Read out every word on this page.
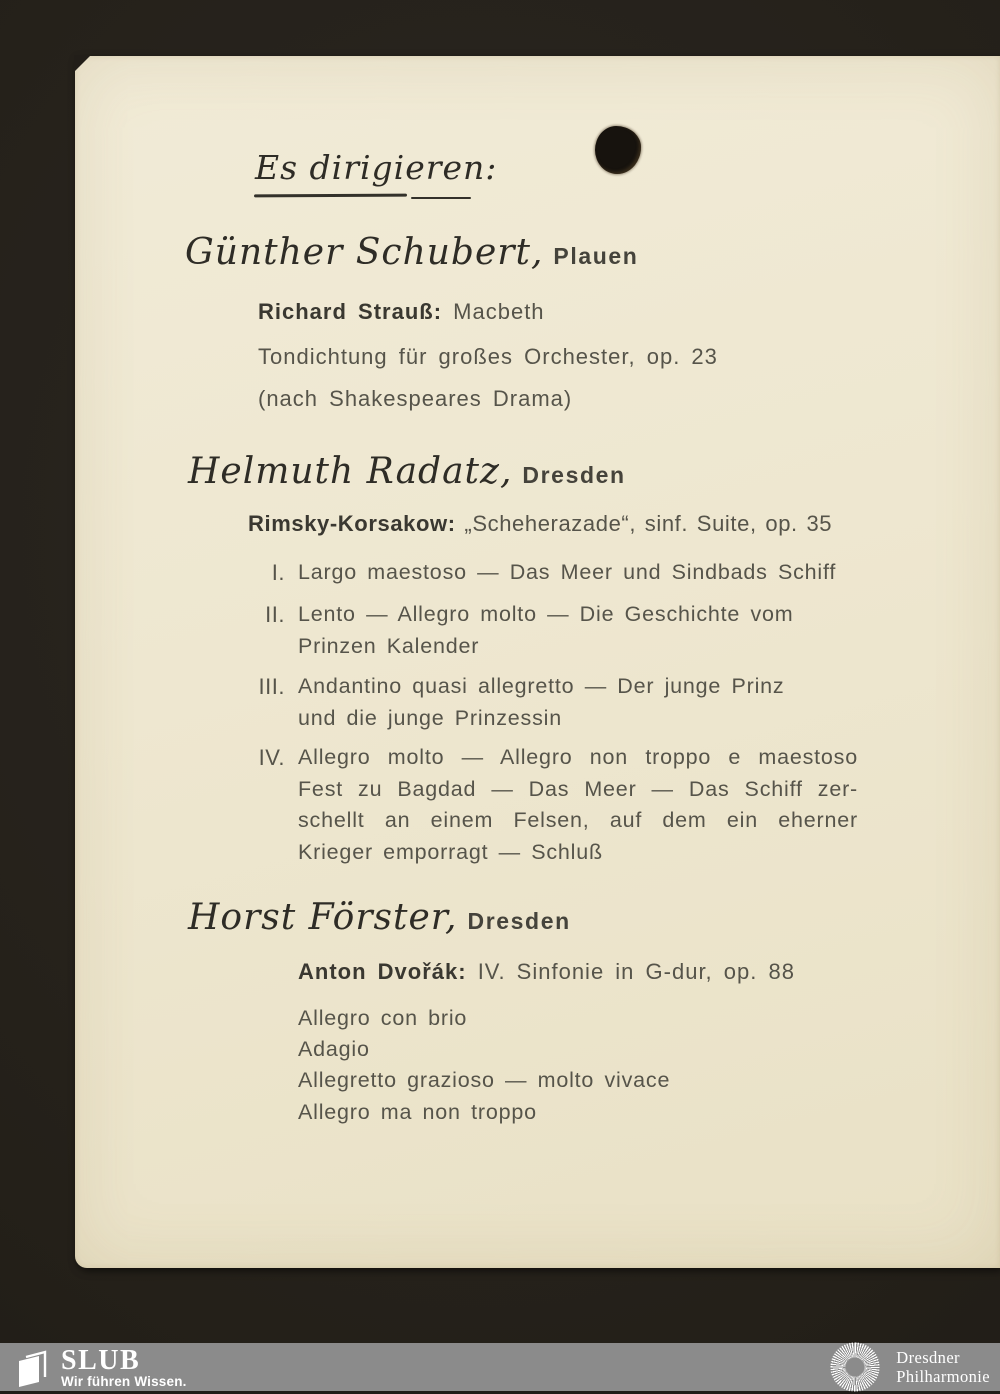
Es dirigieren:
Günther Schubert, Plauen
Richard Strauß: Macbeth
Tondichtung für großes Orchester, op. 23
(nach Shakespeares Drama)
Helmuth Radatz, Dresden
Rimsky-Korsakow: „Scheherazade“, sinf. Suite, op. 35
I. Largo maestoso — Das Meer und Sindbads Schiff
II. Lento — Allegro molto — Die Geschichte vom
Prinzen Kalender
III. Andantino quasi allegretto — Der junge Prinz
und die junge Prinzessin
IV. Allegro molto — Allegro non troppo e maestoso
Fest zu Bagdad — Das Meer — Das Schiff zer-
schellt an einem Felsen, auf dem ein eherner
Krieger emporragt — Schluß
Horst Förster, Dresden
Anton Dvořák: IV. Sinfonie in G-dur, op. 88
Allegro con brio
Adagio
Allegretto grazioso — molto vivace
Allegro ma non troppo
SLUB
Wir führen Wissen.
Dresdner
Philharmonie
